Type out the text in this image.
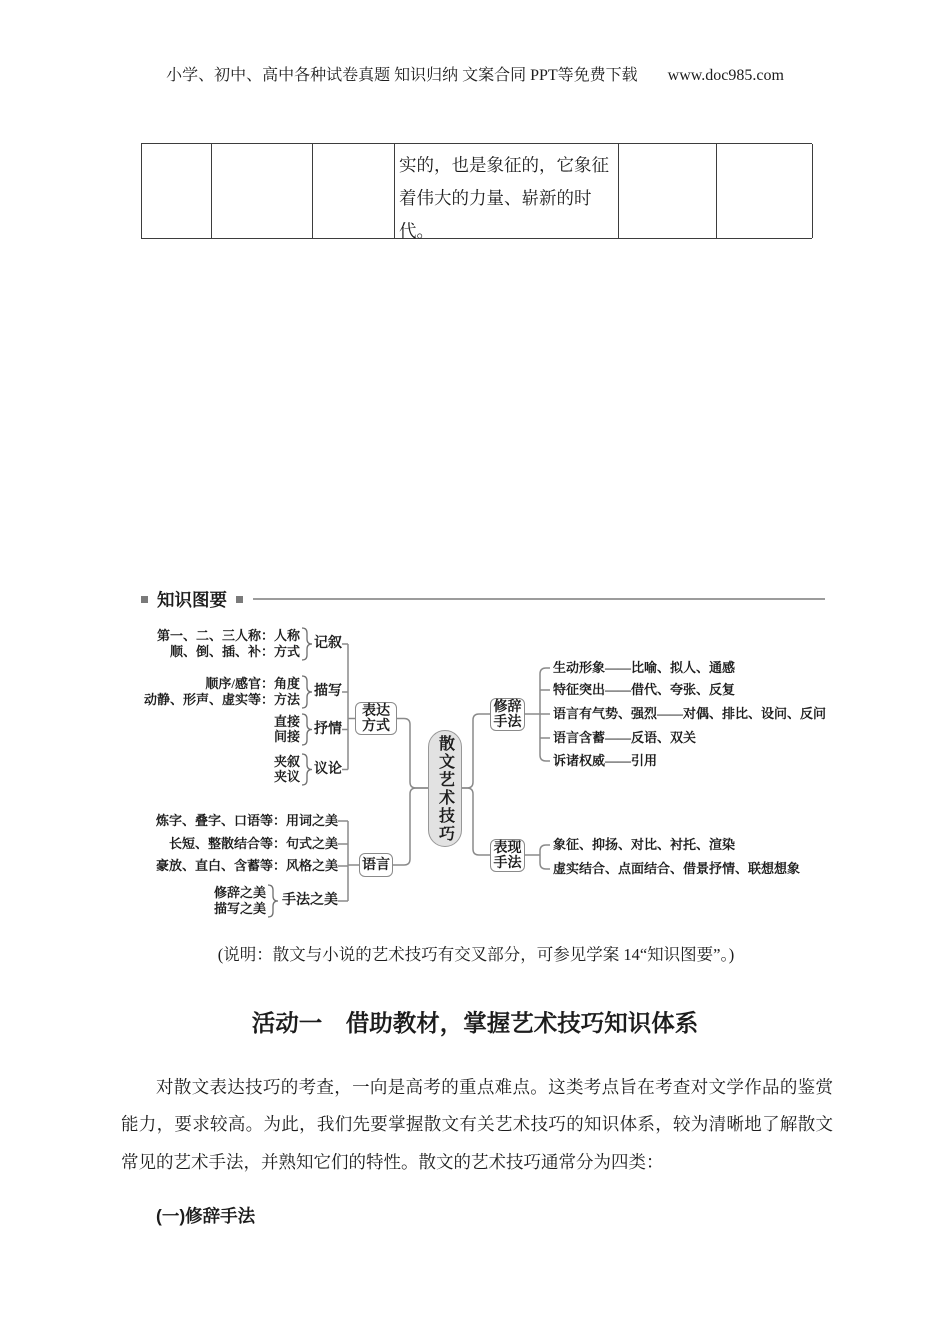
小学、初中、高中各种试卷真题 知识归纳 文案合同 PPT等免费下载 www.doc985.com
实的，也是象征的，它象征
着伟大的力量、崭新的时
代。
知识图要
第一、二、三人称：人称
顺、倒、插、补：方式
顺序/感官：角度
动静、形声、虚实等：方法
直接
间接
夹叙
夹议
记叙
描写
抒情
议论
炼字、叠字、口语等：用词之美
长短、整散结合等：句式之美
豪放、直白、含蓄等：风格之美
修辞之美
描写之美
手法之美
表达方式
语言
修辞手法
表现手法
散文艺术技巧
生动形象——比喻、拟人、通感
特征突出——借代、夸张、反复
语言有气势、强烈——对偶、排比、设问、反问
语言含蓄——反语、双关
诉诸权威——引用
象征、抑扬、对比、衬托、渲染
虚实结合、点面结合、借景抒情、联想想象
(说明：散文与小说的艺术技巧有交叉部分，可参见学案 14“知识图要”。)
活动一　借助教材，掌握艺术技巧知识体系

对散文表达技巧的考查，一向是高考的重点难点。这类考点旨在考查对文学作品的鉴赏能力，要求较高。为此，我们先要掌握散文有关艺术技巧的知识体系，较为清晰地了解散文常见的艺术手法，并熟知它们的特性。散文的艺术技巧通常分为四类：

(一)修辞手法
